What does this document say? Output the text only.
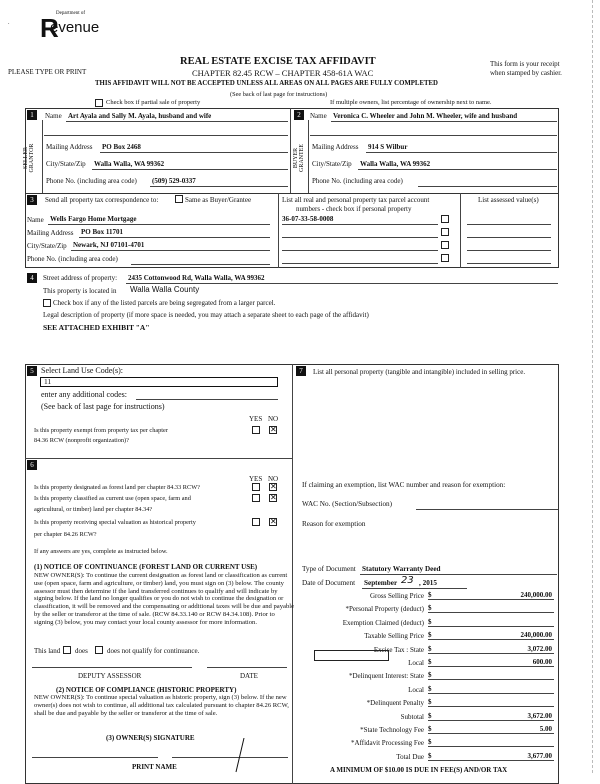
. R
Department of
evenue
PLEASE TYPE OR PRINT
REAL ESTATE EXCISE TAX AFFIDAVIT
CHAPTER 82.45 RCW – CHAPTER 458-61A WAC
THIS AFFIDAVIT WILL NOT BE ACCEPTED UNLESS ALL AREAS ON ALL PAGES ARE FULLY COMPLETED
(See back of last page for instructions)
This form is your receipt
when stamped by cashier.
Check box if partial sale of property	If multiple owners, list percentage of ownership next to name.
1	2
SELLER GRANTOR	BUYER GRANTEE
Name Art Ayala and Sally M. Ayala, husband and wife
Mailing Address PO Box 2468
City/State/Zip Walla Walla, WA 99362
Phone No. (including area code) (509) 529-0337
Name Veronica C. Wheeler and John M. Wheeler, wife and husband
Mailing Address 914 S Wilbur
City/State/Zip Walla Walla, WA 99362
Phone No. (including area code)
3	Send all property tax correspondence to:	Same as Buyer/Grantee
Name Wells Fargo Home Mortgage
Mailing Address PO Box 11701
City/State/Zip Newark, NJ 07101-4701
Phone No. (including area code)
List all real and personal property tax parcel account
numbers - check box if personal property
List assessed value(s)
36-07-33-58-0008
4	Street address of property: 2435 Cottonwood Rd, Walla Walla, WA 99362
This property is located in Walla Walla County
Check box if any of the listed parcels are being segregated from a larger parcel.
Legal description of property (if more space is needed, you may attach a separate sheet to each page of the affidavit)
SEE ATTACHED EXHIBIT "A"
5 Select Land Use Code(s):
11
enter any additional codes:
(See back of last page for instructions)
YES NO
Is this property exempt from property tax per chapter
84.36 RCW (nonprofit organization)?
✕
6
YES NO
Is this property designated as forest land per chapter 84.33 RCW?	✕
Is this property classified as current use (open space, farm and
agricultural, or timber) land per chapter 84.34?
✕
Is this property receiving special valuation as historical property
per chapter 84.26 RCW?
✕
If any answers are yes, complete as instructed below.
(1) NOTICE OF CONTINUANCE (FOREST LAND OR CURRENT USE)
NEW OWNER(S): To continue the current designation as forest land or classification as current use (open space, farm and agriculture, or timber) land, you must sign on (3) below. The county assessor must then determine if the land transferred continues to qualify and will indicate by signing below. If the land no longer qualifies or you do not wish to continue the designation or classification, it will be removed and the compensating or additional taxes will be due and payable by the seller or transferor at the time of sale. (RCW 84.33.140 or RCW 84.34.108). Prior to signing (3) below, you may contact your local county assessor for more information.
This land does	does not qualify for continuance.
DEPUTY ASSESSOR	DATE
(2) NOTICE OF COMPLIANCE (HISTORIC PROPERTY)
NEW OWNER(S): To continue special valuation as historic property, sign (3) below. If the new owner(s) does not wish to continue, all additional tax calculated pursuant to chapter 84.26 RCW, shall be due and payable by the seller or transferor at the time of sale.
(3) OWNER(S) SIGNATURE
PRINT NAME
7	List all personal property (tangible and intangible) included in selling price.
If claiming an exemption, list WAC number and reason for exemption:
WAC No. (Section/Subsection)
Reason for exemption
Type of Document Statutory Warranty Deed
Date of Document September 23 , 2015
Gross Selling Price $	240,000.00
*Personal Property (deduct) $
Exemption Claimed (deduct) $
Taxable Selling Price $	240,000.00
Excise Tax : State $	3,072.00
Local $	600.00
*Delinquent Interest: State $
Local $
*Delinquent Penalty $
Subtotal $	3,672.00
*State Technology Fee $	5.00
*Affidavit Processing Fee $
Total Due $	3,677.00
A MINIMUM OF $10.00 IS DUE IN FEE(S) AND/OR TAX
